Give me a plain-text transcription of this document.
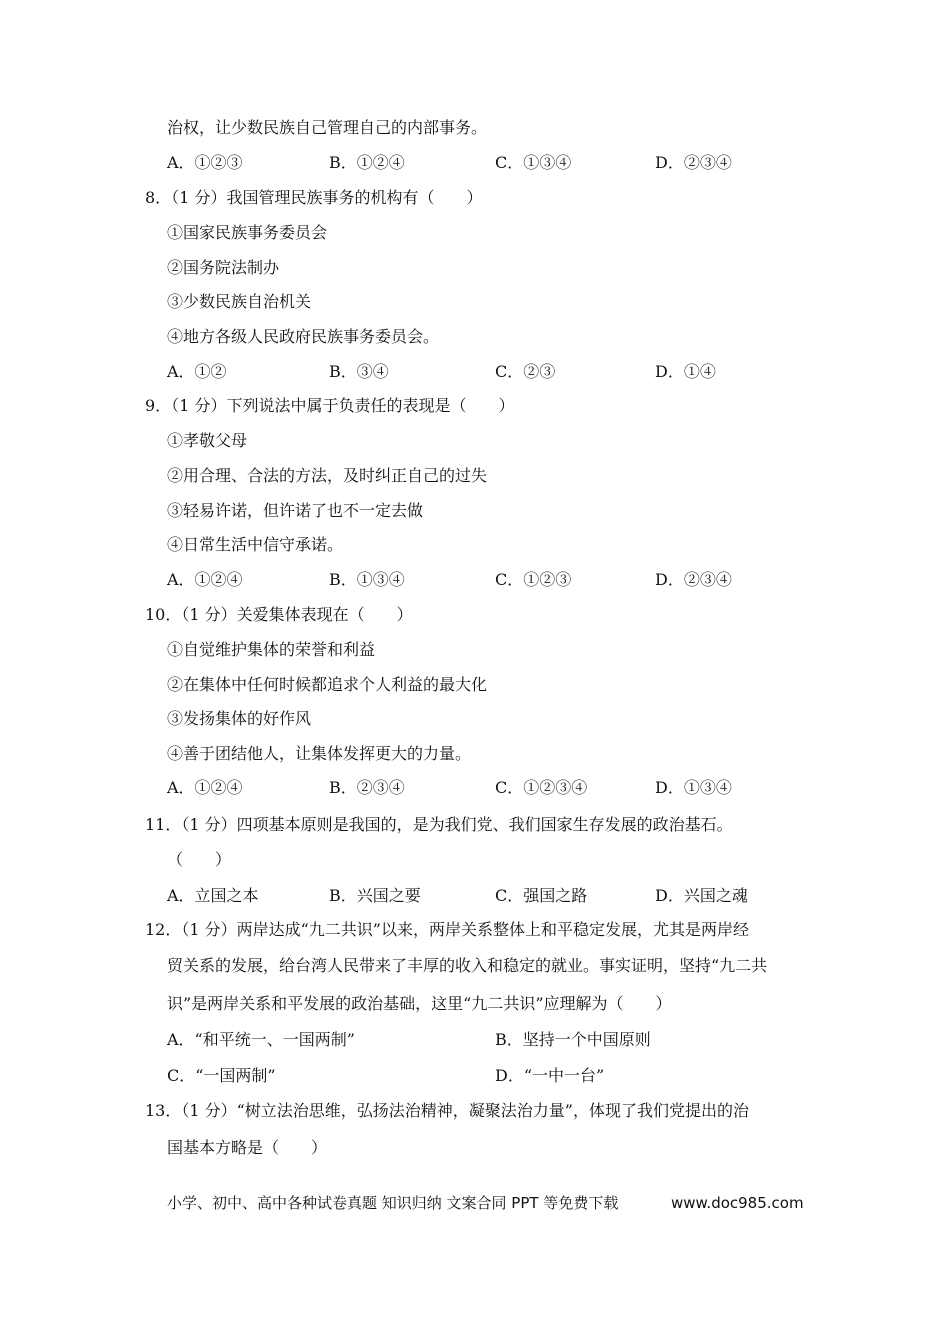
治权，让少数民族自己管理自己的内部事务。
A．①②③	B．①②④	C．①③④	D．②③④
8．（1 分）我国管理民族事务的机构有（　　）
①国家民族事务委员会
②国务院法制办
③少数民族自治机关
④地方各级人民政府民族事务委员会。
A．①②	B．③④	C．②③	D．①④
9．（1 分）下列说法中属于负责任的表现是（　　）
①孝敬父母
②用合理、合法的方法，及时纠正自己的过失
③轻易许诺，但许诺了也不一定去做
④日常生活中信守承诺。
A．①②④	B．①③④	C．①②③	D．②③④
10．（1 分）关爱集体表现在（　　）
①自觉维护集体的荣誉和利益
②在集体中任何时候都追求个人利益的最大化
③发扬集体的好作风
④善于团结他人，让集体发挥更大的力量。
A．①②④	B．②③④	C．①②③④	D．①③④
11．（1 分）四项基本原则是我国的，是为我们党、我们国家生存发展的政治基石。
（　　）
A．立国之本	B．兴国之要	C．强国之路	D．兴国之魂
12．（1 分）两岸达成“九二共识”以来，两岸关系整体上和平稳定发展，尤其是两岸经
贸关系的发展，给台湾人民带来了丰厚的收入和稳定的就业。事实证明，坚持“九二共
识”是两岸关系和平发展的政治基础，这里“九二共识”应理解为（　　）
A．“和平统一、一国两制”	B．坚持一个中国原则
C．“一国两制”	D．“一中一台”
13．（1 分）“树立法治思维，弘扬法治精神，凝聚法治力量”，体现了我们党提出的治
国基本方略是（　　）
小学、初中、高中各种试卷真题 知识归纳 文案合同 PPT 等免费下载	www.doc985.com
